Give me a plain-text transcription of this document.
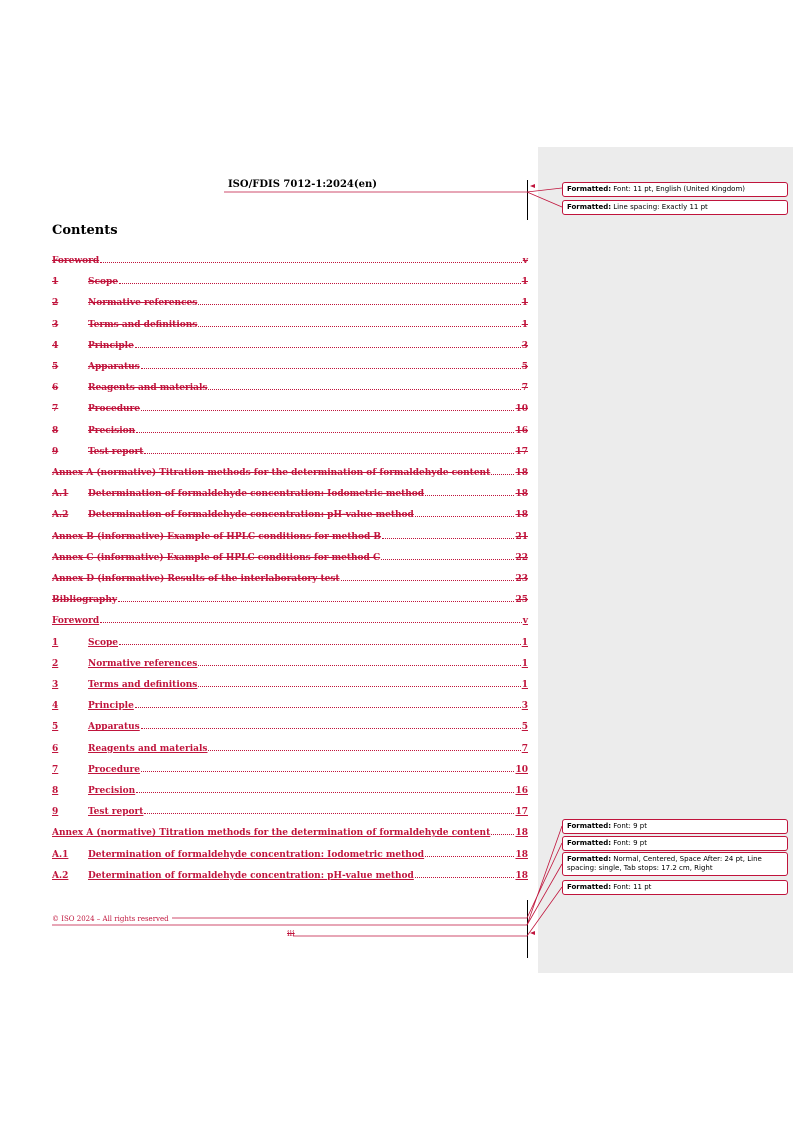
ISO/FDIS 7012-1:2024(en)
Contents
Foreword	v
1	Scope	1
2	Normative references	1
3	Terms and definitions	1
4	Principle	3
5	Apparatus	5
6	Reagents and materials	7
7	Procedure	10
8	Precision	16
9	Test report	17
Annex A (normative) Titration methods for the determination of formaldehyde content	18
A.1	Determination of formaldehyde concentration: Iodometric method	18
A.2	Determination of formaldehyde concentration: pH-value method	18
Annex B (informative) Example of HPLC conditions for method B	21
Annex C (informative) Example of HPLC conditions for method C	22
Annex D (informative) Results of the interlaboratory test	23
Bibliography	25
Foreword	v
1	Scope	1
2	Normative references	1
3	Terms and definitions	1
4	Principle	3
5	Apparatus	5
6	Reagents and materials	7
7	Procedure	10
8	Precision	16
9	Test report	17
Annex A (normative) Titration methods for the determination of formaldehyde content	18
A.1	Determination of formaldehyde concentration: Iodometric method	18
A.2	Determination of formaldehyde concentration: pH-value method	18
© ISO 2024 – All rights reserved
iii
Formatted: Font: 11 pt, English (United Kingdom)
Formatted: Line spacing: Exactly 11 pt
Formatted: Font: 9 pt
Formatted: Font: 9 pt
Formatted: Normal, Centered, Space After: 24 pt, Line spacing: single, Tab stops: 17.2 cm, Right
Formatted: Font: 11 pt
